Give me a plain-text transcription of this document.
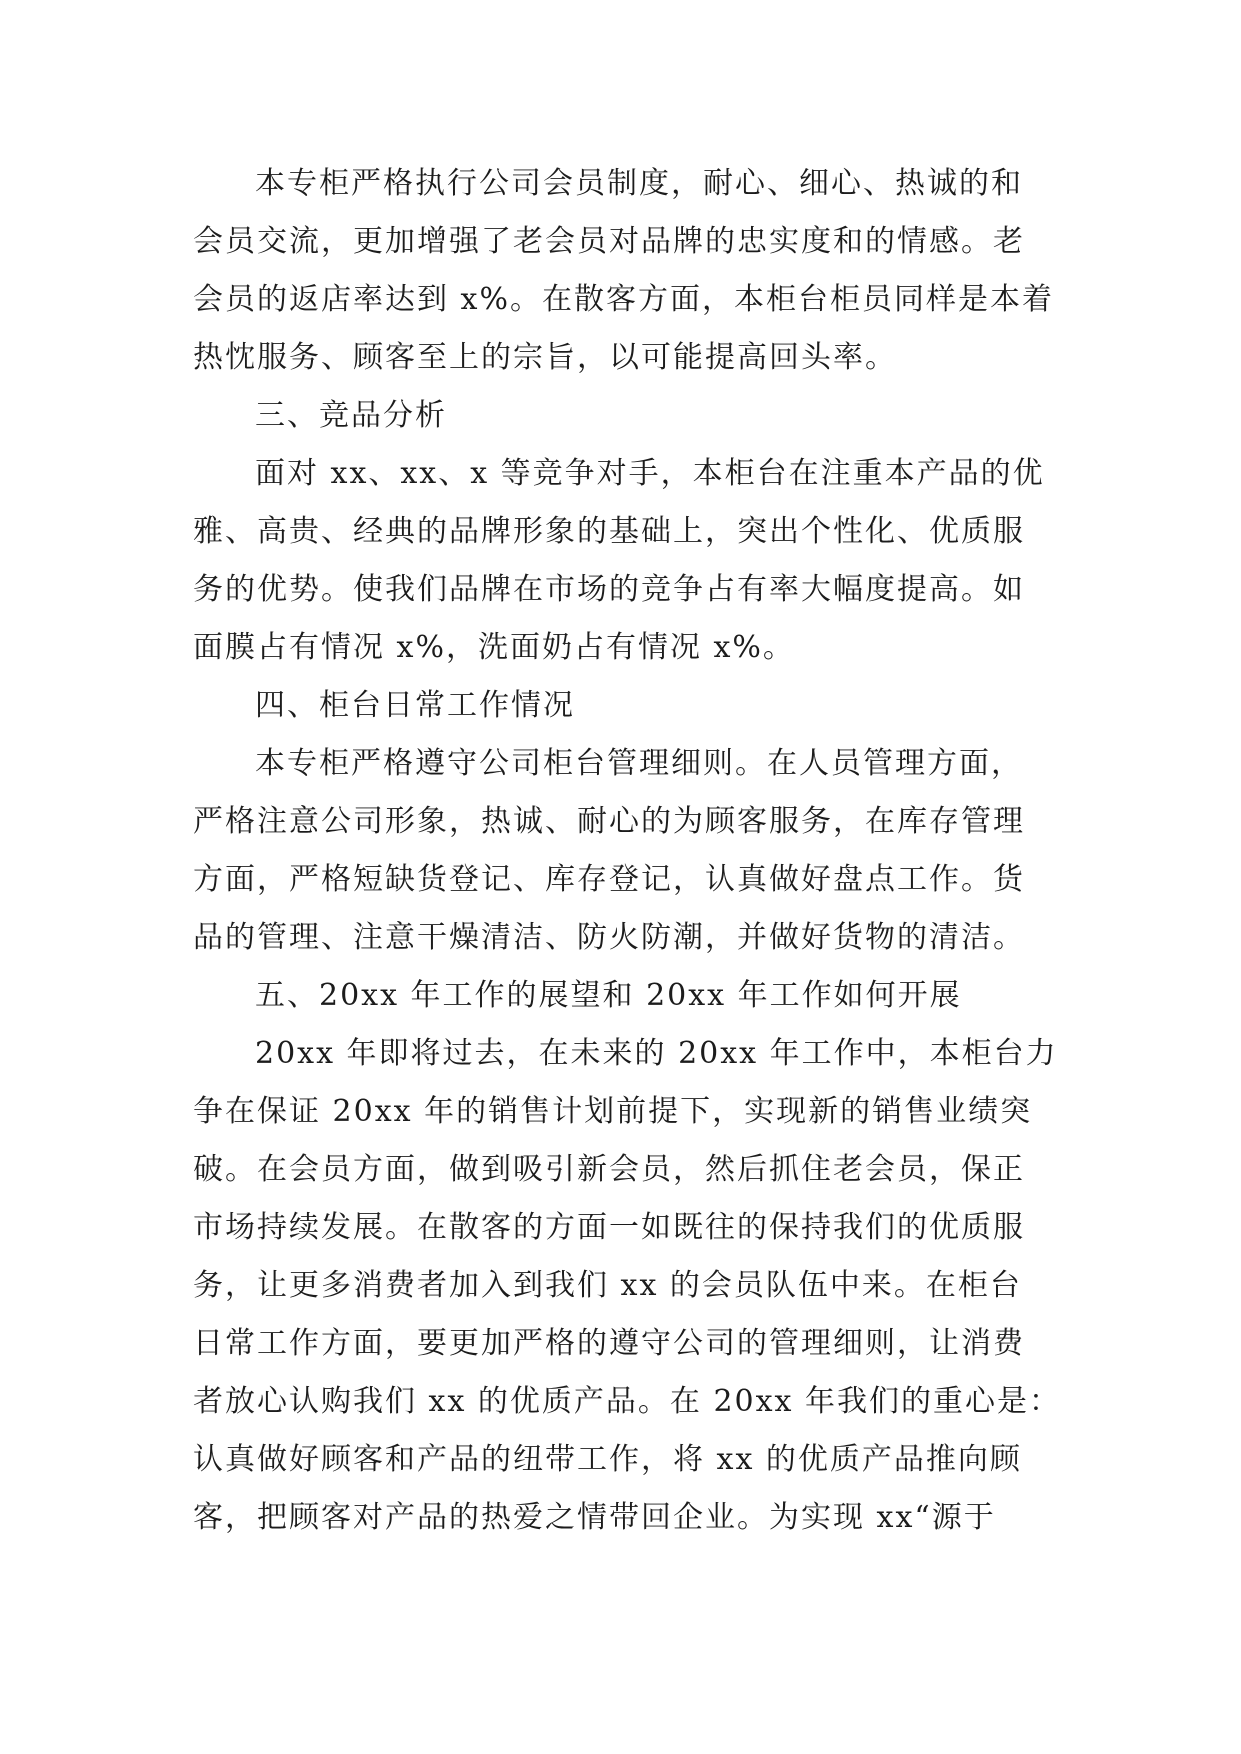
本专柜严格执行公司会员制度，耐心、细心、热诚的和
会员交流，更加增强了老会员对品牌的忠实度和的情感。老
会员的返店率达到 x%。在散客方面，本柜台柜员同样是本着
热忱服务、顾客至上的宗旨，以可能提高回头率。
三、竞品分析
面对 xx、xx、x 等竞争对手，本柜台在注重本产品的优
雅、高贵、经典的品牌形象的基础上，突出个性化、优质服
务的优势。使我们品牌在市场的竞争占有率大幅度提高。如
面膜占有情况 x%，洗面奶占有情况 x%。
四、柜台日常工作情况
本专柜严格遵守公司柜台管理细则。在人员管理方面，
严格注意公司形象，热诚、耐心的为顾客服务，在库存管理
方面，严格短缺货登记、库存登记，认真做好盘点工作。货
品的管理、注意干燥清洁、防火防潮，并做好货物的清洁。
五、20xx 年工作的展望和 20xx 年工作如何开展
20xx 年即将过去，在未来的 20xx 年工作中，本柜台力
争在保证 20xx 年的销售计划前提下，实现新的销售业绩突
破。在会员方面，做到吸引新会员，然后抓住老会员，保正
市场持续发展。在散客的方面一如既往的保持我们的优质服
务，让更多消费者加入到我们 xx 的会员队伍中来。在柜台
日常工作方面，要更加严格的遵守公司的管理细则，让消费
者放心认购我们 xx 的优质产品。在 20xx 年我们的重心是：
认真做好顾客和产品的纽带工作，将 xx 的优质产品推向顾
客，把顾客对产品的热爱之情带回企业。为实现 xx“源于
